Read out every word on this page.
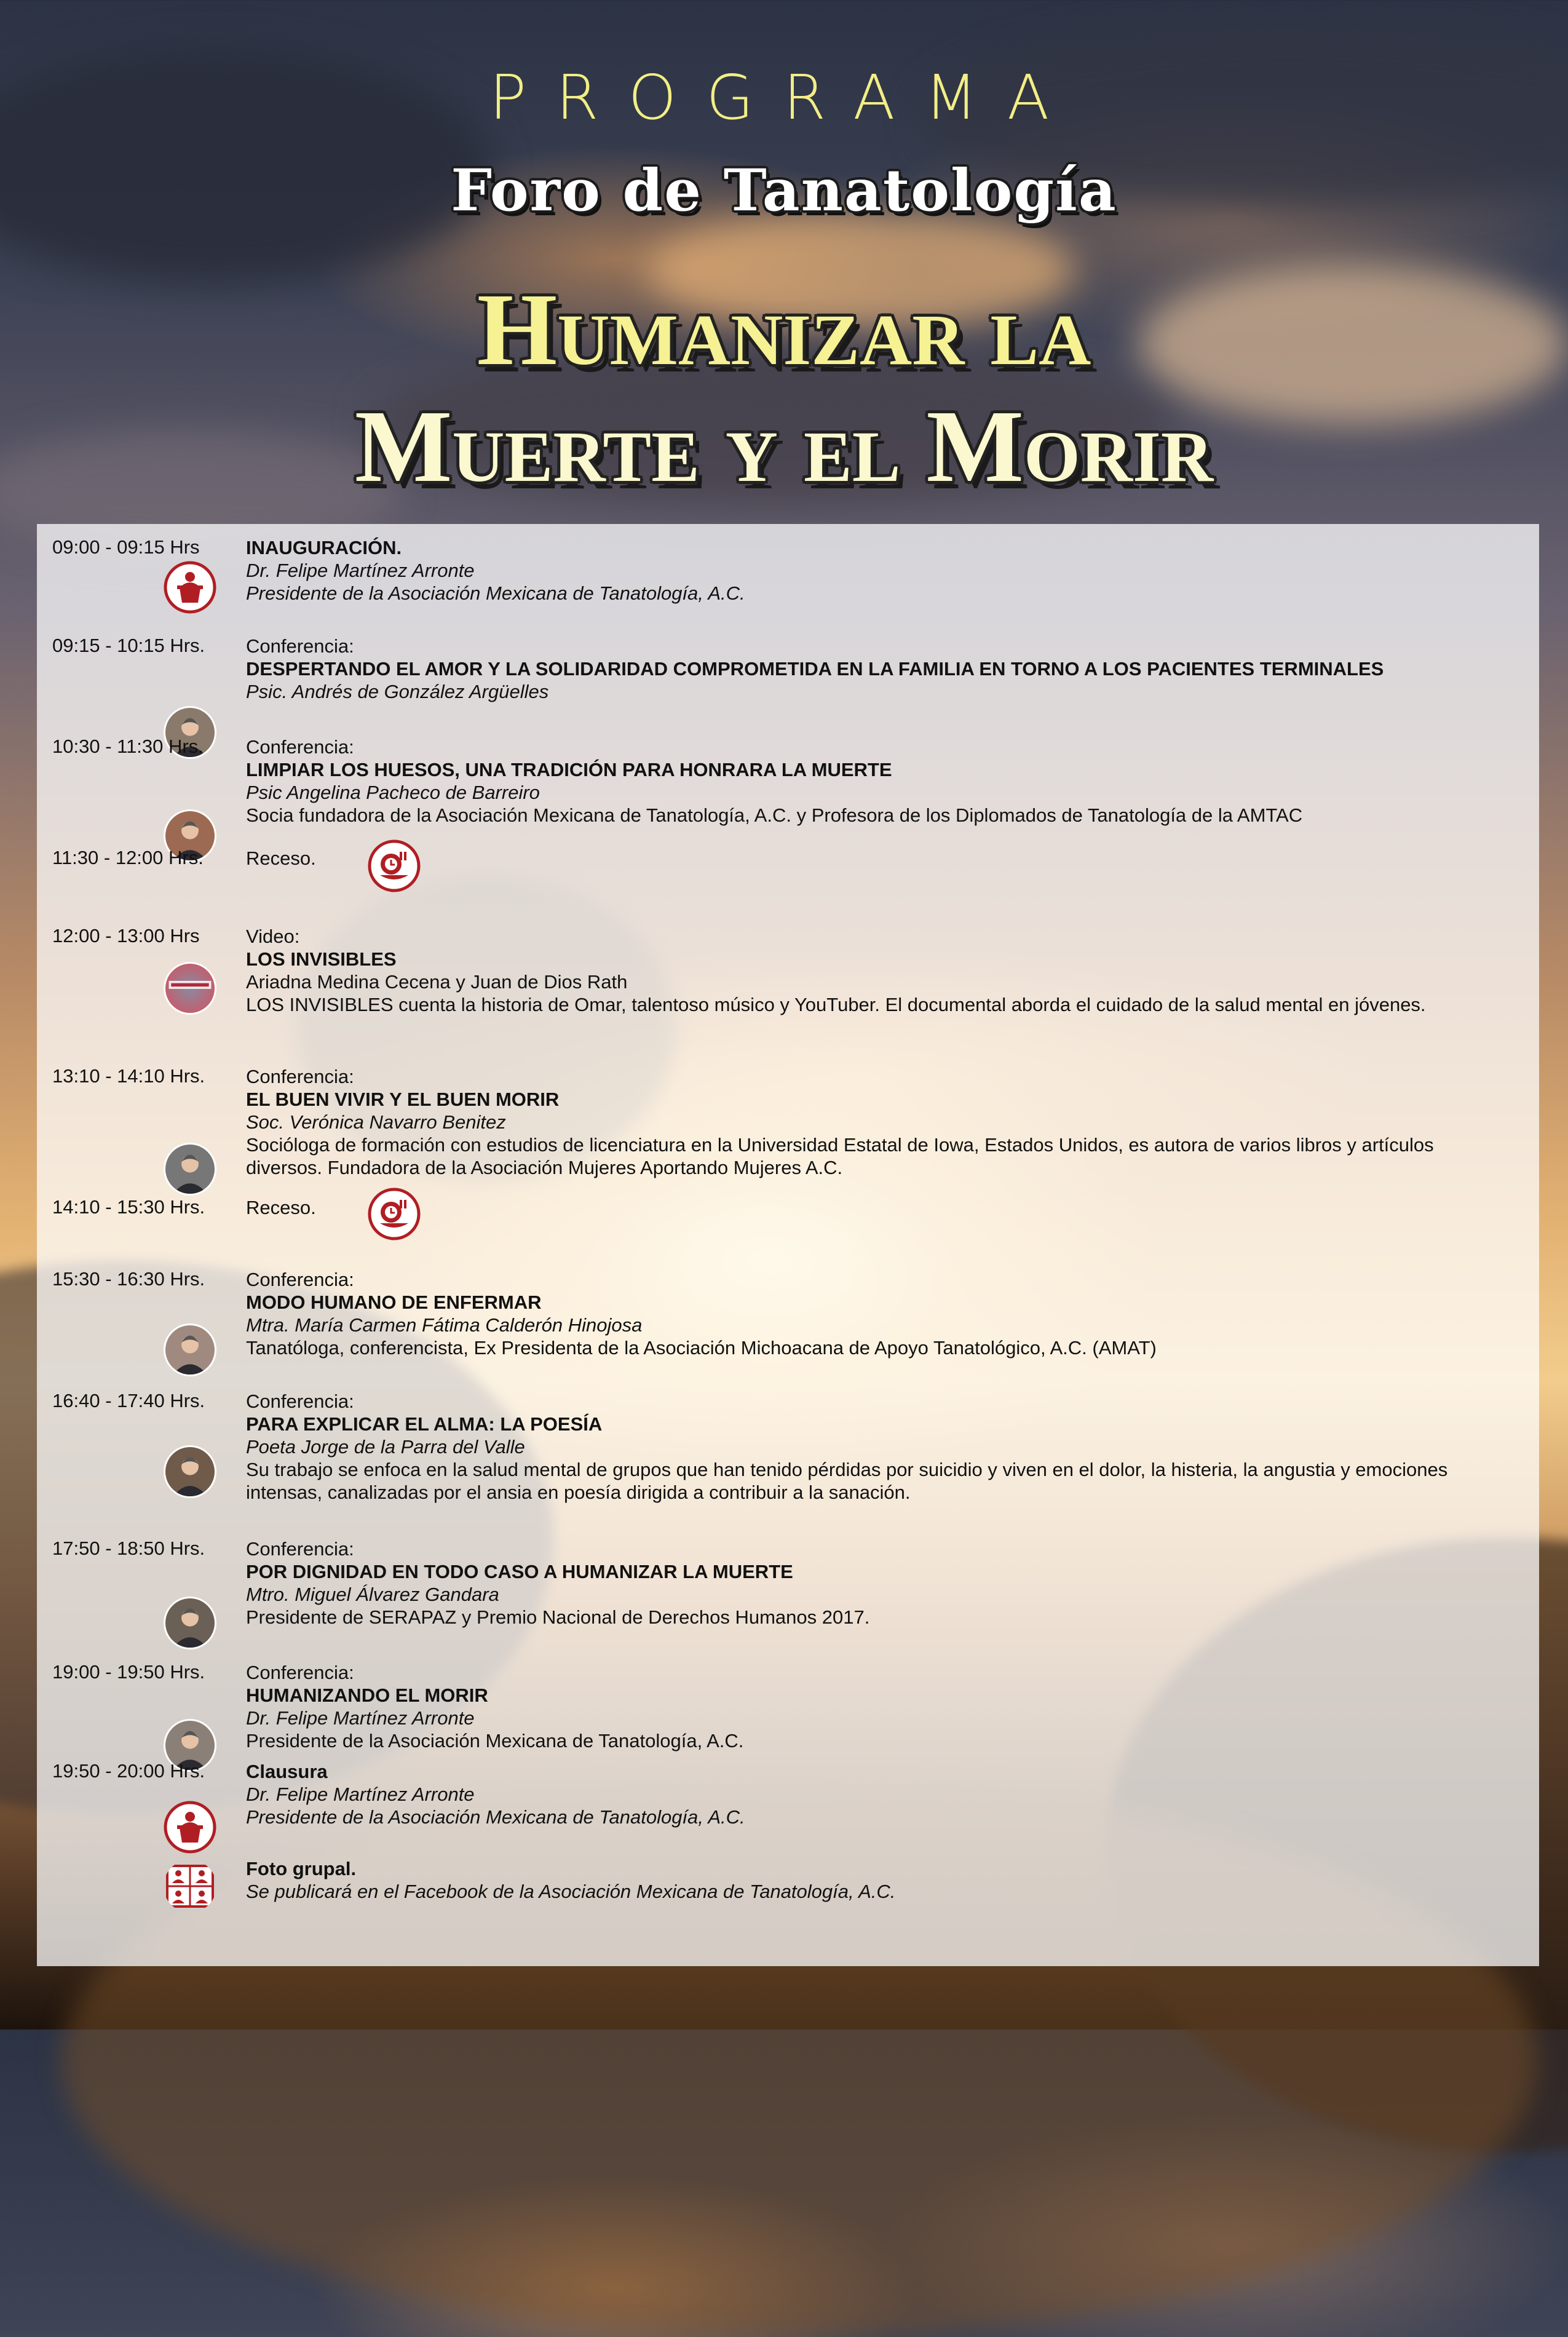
PROGRAMA
Foro de Tanatología
Humanizar la
Muerte y el Morir
09:00 - 09:15 Hrs	INAUGURACIÓN.
Dr. Felipe Martínez Arronte
Presidente de la Asociación Mexicana de Tanatología, A.C.
09:15 - 10:15 Hrs.	Conferencia:
DESPERTANDO EL AMOR Y LA SOLIDARIDAD COMPROMETIDA EN LA FAMILIA EN TORNO A LOS PACIENTES TERMINALES
Psic. Andrés de González Argüelles
10:30 - 11:30 Hrs.	Conferencia:
LIMPIAR LOS HUESOS, UNA TRADICIÓN PARA HONRARA LA MUERTE
Psic Angelina Pacheco de Barreiro
Socia fundadora de la Asociación Mexicana de Tanatología, A.C. y Profesora de los Diplomados de Tanatología de la AMTAC
11:30 - 12:00 Hrs.	Receso.
12:00 - 13:00 Hrs	Video:
LOS INVISIBLES
Ariadna Medina Cecena y Juan de Dios Rath
LOS INVISIBLES cuenta la historia de Omar, talentoso músico y YouTuber. El documental aborda el cuidado de la salud mental en jóvenes.
13:10 - 14:10 Hrs.	Conferencia:
EL BUEN VIVIR Y EL BUEN MORIR
Soc. Verónica Navarro Benitez
Socióloga de formación con estudios de licenciatura en la Universidad Estatal de Iowa, Estados Unidos, es autora de varios libros y artículos diversos. Fundadora de la Asociación Mujeres Aportando Mujeres A.C.
14:10 - 15:30 Hrs.	Receso.
15:30 - 16:30 Hrs.	Conferencia:
MODO HUMANO DE ENFERMAR
Mtra. María Carmen Fátima Calderón Hinojosa
Tanatóloga, conferencista, Ex Presidenta de la Asociación Michoacana de Apoyo Tanatológico, A.C. (AMAT)
16:40 - 17:40 Hrs.	Conferencia:
PARA EXPLICAR EL ALMA: LA POESÍA
Poeta Jorge de la Parra del Valle
Su trabajo se enfoca en la salud mental de grupos que han tenido pérdidas por suicidio y viven en el dolor, la histeria, la angustia y emociones intensas, canalizadas por el ansia en poesía dirigida a contribuir a la sanación.
17:50 - 18:50 Hrs.	Conferencia:
POR DIGNIDAD EN TODO CASO A HUMANIZAR LA MUERTE
Mtro. Miguel Álvarez Gandara
Presidente de SERAPAZ y Premio Nacional de Derechos Humanos 2017.
19:00 - 19:50 Hrs.	Conferencia:
HUMANIZANDO EL MORIR
Dr. Felipe Martínez Arronte
Presidente de la Asociación Mexicana de Tanatología, A.C.
19:50 - 20:00 Hrs.	Clausura
Dr. Felipe Martínez Arronte
Presidente de la Asociación Mexicana de Tanatología, A.C.
Foto grupal.
Se publicará en el Facebook de la Asociación Mexicana de Tanatología, A.C.
